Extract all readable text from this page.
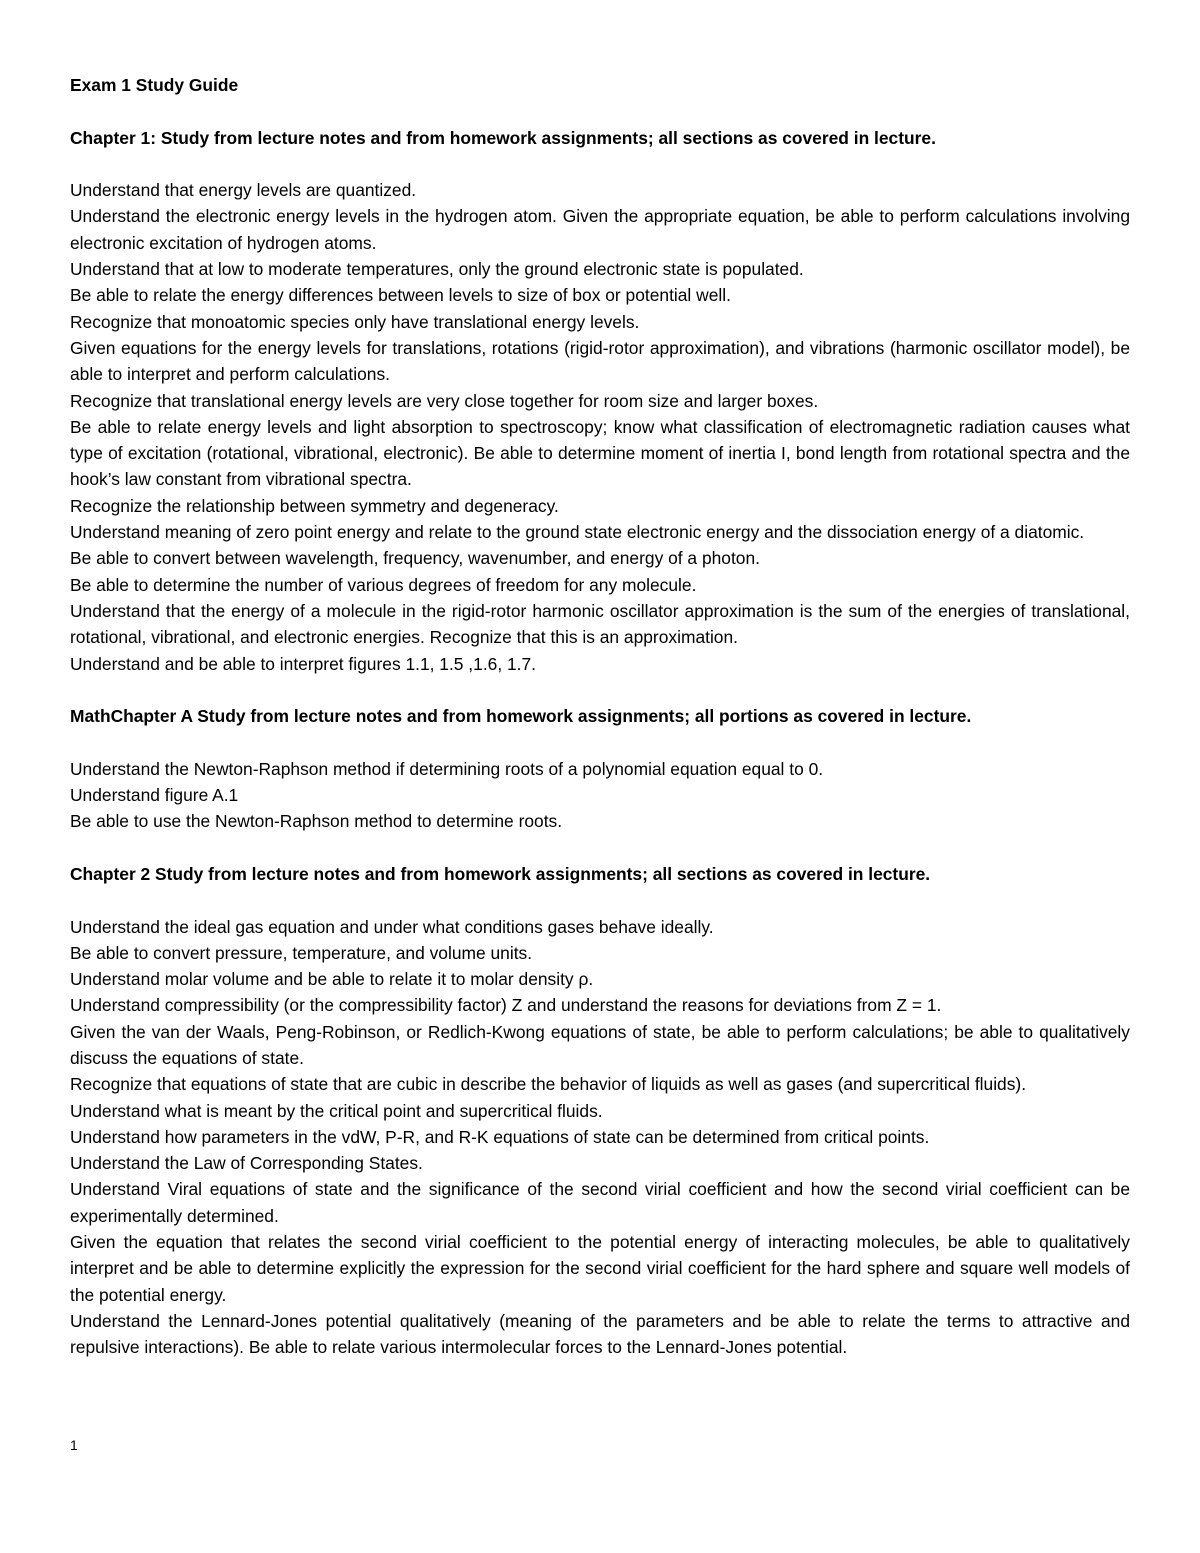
Exam 1 Study Guide
Chapter 1: Study from lecture notes and from homework assignments; all sections as covered in lecture.
Understand that energy levels are quantized.
Understand the electronic energy levels in the hydrogen atom. Given the appropriate equation, be able to perform calculations involving electronic excitation of hydrogen atoms.
Understand that at low to moderate temperatures, only the ground electronic state is populated.
Be able to relate the energy differences between levels to size of box or potential well.
Recognize that monoatomic species only have translational energy levels.
Given equations for the energy levels for translations, rotations (rigid-rotor approximation), and vibrations (harmonic oscillator model), be able to interpret and perform calculations.
Recognize that translational energy levels are very close together for room size and larger boxes.
Be able to relate energy levels and light absorption to spectroscopy; know what classification of electromagnetic radiation causes what type of excitation (rotational, vibrational, electronic). Be able to determine moment of inertia I, bond length from rotational spectra and the hook’s law constant from vibrational spectra.
Recognize the relationship between symmetry and degeneracy.
Understand meaning of zero point energy and relate to the ground state electronic energy and the dissociation energy of a diatomic.
Be able to convert between wavelength, frequency, wavenumber, and energy of a photon.
Be able to determine the number of various degrees of freedom for any molecule.
Understand that the energy of a molecule in the rigid-rotor harmonic oscillator approximation is the sum of the energies of translational, rotational, vibrational, and electronic energies. Recognize that this is an approximation.
Understand and be able to interpret figures 1.1, 1.5 ,1.6, 1.7.
MathChapter A Study from lecture notes and from homework assignments; all portions as covered in lecture.
Understand the Newton-Raphson method if determining roots of a polynomial equation equal to 0.
Understand figure A.1
Be able to use the Newton-Raphson method to determine roots.
Chapter 2 Study from lecture notes and from homework assignments; all sections as covered in lecture.
Understand the ideal gas equation and under what conditions gases behave ideally.
Be able to convert pressure, temperature, and volume units.
Understand molar volume and be able to relate it to molar density ρ.
Understand compressibility (or the compressibility factor) Z and understand the reasons for deviations from Z = 1.
Given the van der Waals, Peng-Robinson, or Redlich-Kwong equations of state, be able to perform calculations; be able to qualitatively discuss the equations of state.
Recognize that equations of state that are cubic in describe the behavior of liquids as well as gases (and supercritical fluids).
Understand what is meant by the critical point and supercritical fluids.
Understand how parameters in the vdW, P-R, and R-K equations of state can be determined from critical points.
Understand the Law of Corresponding States.
Understand Viral equations of state and the significance of the second virial coefficient and how the second virial coefficient can be experimentally determined.
Given the equation that relates the second virial coefficient to the potential energy of interacting molecules, be able to qualitatively interpret and be able to determine explicitly the expression for the second virial coefficient for the hard sphere and square well models of the potential energy.
Understand the Lennard-Jones potential qualitatively (meaning of the parameters and be able to relate the terms to attractive and repulsive interactions). Be able to relate various intermolecular forces to the Lennard-Jones potential.
1
